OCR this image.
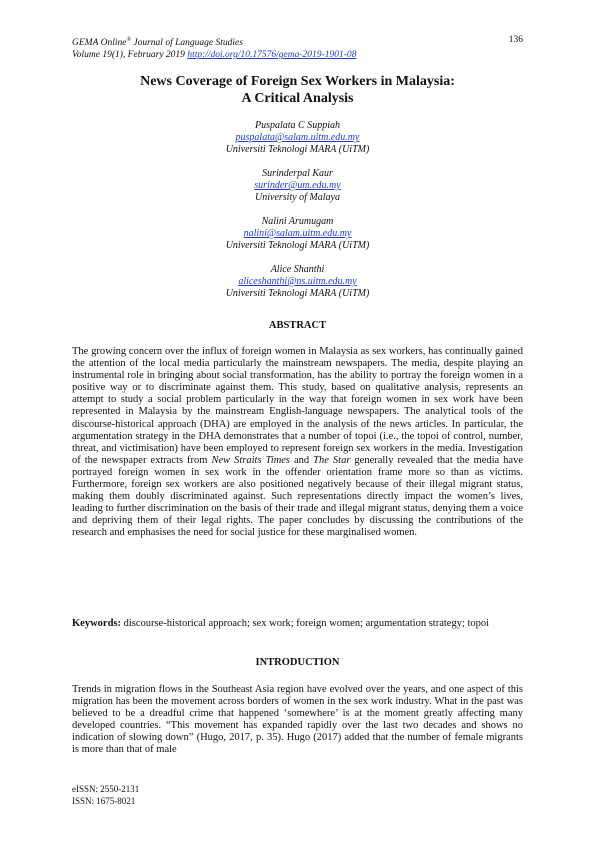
GEMA Online® Journal of Language Studies
Volume 19(1), February 2019 http://doi.org/10.17576/gema-2019-1901-08
136
News Coverage of Foreign Sex Workers in Malaysia:
A Critical Analysis
Puspalata C Suppiah
puspalata@salam.uitm.edu.my
Universiti Teknologi MARA (UiTM)
Surinderpal Kaur
surinder@um.edu.my
University of Malaya
Nalini Arumugam
nalini@salam.uitm.edu.my
Universiti Teknologi MARA (UiTM)
Alice Shanthi
aliceshanthi@ns.uitm.edu.my
Universiti Teknologi MARA (UiTM)
ABSTRACT

The growing concern over the influx of foreign women in Malaysia as sex workers, has continually gained the attention of the local media particularly the mainstream newspapers. The media, despite playing an instrumental role in bringing about social transformation, has the ability to portray the foreign women in a positive way or to discriminate against them. This study, based on qualitative analysis, represents an attempt to study a social problem particularly in the way that foreign women in sex work have been represented in Malaysia by the mainstream English-language newspapers. The analytical tools of the discourse-historical approach (DHA) are employed in the analysis of the news articles. In particular, the argumentation strategy in the DHA demonstrates that a number of topoi (i.e., the topoi of control, number, threat, and victimisation) have been employed to represent foreign sex workers in the media. Investigation of the newspaper extracts from New Straits Times and The Star generally revealed that the media have portrayed foreign women in sex work in the offender orientation frame more so than as victims. Furthermore, foreign sex workers are also positioned negatively because of their illegal migrant status, making them doubly discriminated against. Such representations directly impact the women’s lives, leading to further discrimination on the basis of their trade and illegal migrant status, denying them a voice and depriving them of their legal rights. The paper concludes by discussing the contributions of the research and emphasises the need for social justice for these marginalised women.

Keywords: discourse-historical approach; sex work; foreign women; argumentation strategy; topoi

INTRODUCTION

Trends in migration flows in the Southeast Asia region have evolved over the years, and one aspect of this migration has been the movement across borders of women in the sex work industry. What in the past was believed to be a dreadful crime that happened ‘somewhere’ is at the moment greatly affecting many developed countries. “This movement has expanded rapidly over the last two decades and shows no indication of slowing down” (Hugo, 2017, p. 35). Hugo (2017) added that the number of female migrants is more than that of male

eISSN: 2550-2131
ISSN: 1675-8021
